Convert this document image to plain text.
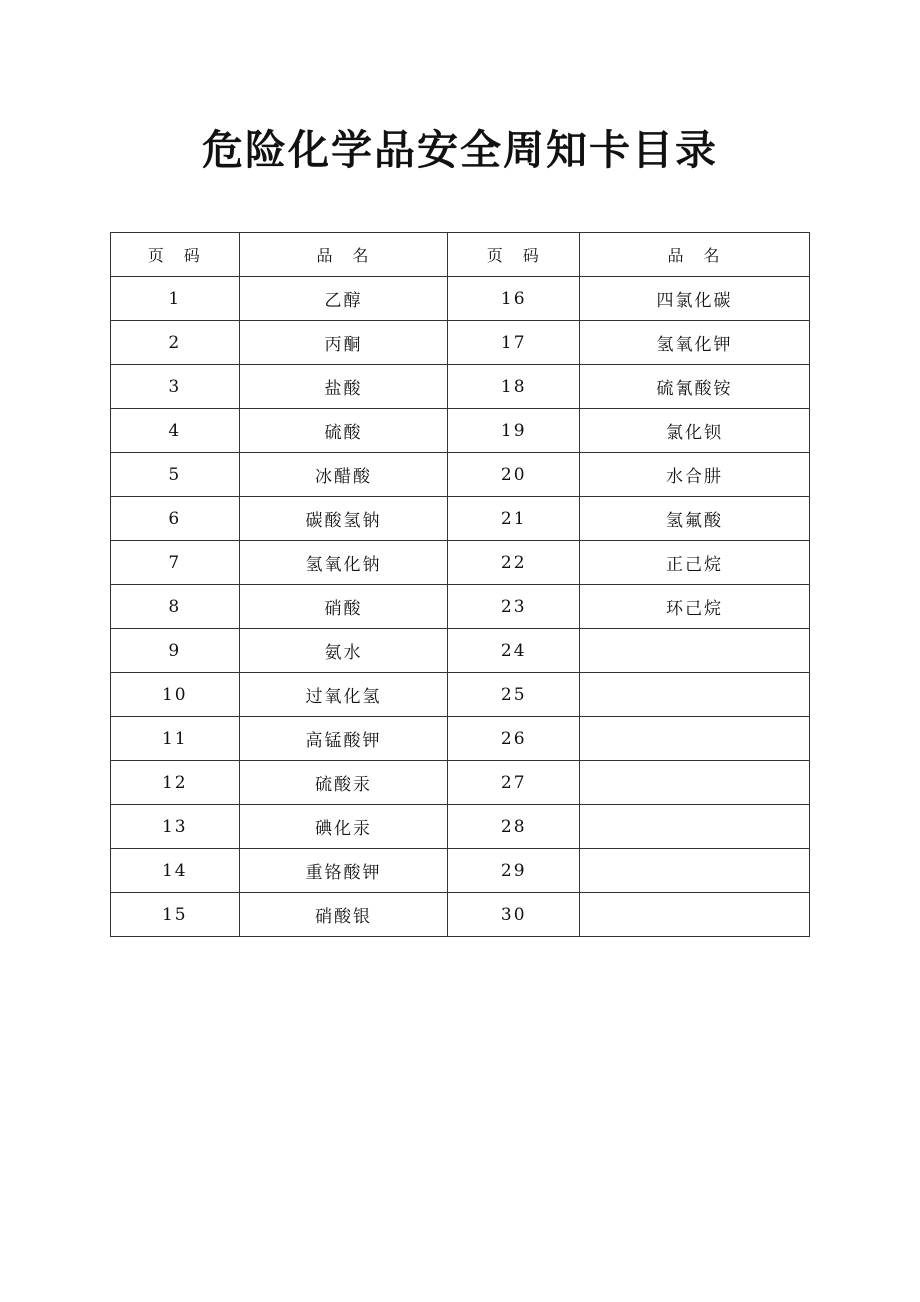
危险化学品安全周知卡目录
页　码	品　名	页　码	品　名
1	乙醇	16	四氯化碳
2	丙酮	17	氢氧化钾
3	盐酸	18	硫氰酸铵
4	硫酸	19	氯化钡
5	冰醋酸	20	水合肼
6	碳酸氢钠	21	氢氟酸
7	氢氧化钠	22	正己烷
8	硝酸	23	环己烷
9	氨水	24	
10	过氧化氢	25	
11	高锰酸钾	26	
12	硫酸汞	27	
13	碘化汞	28	
14	重铬酸钾	29	
15	硝酸银	30	
